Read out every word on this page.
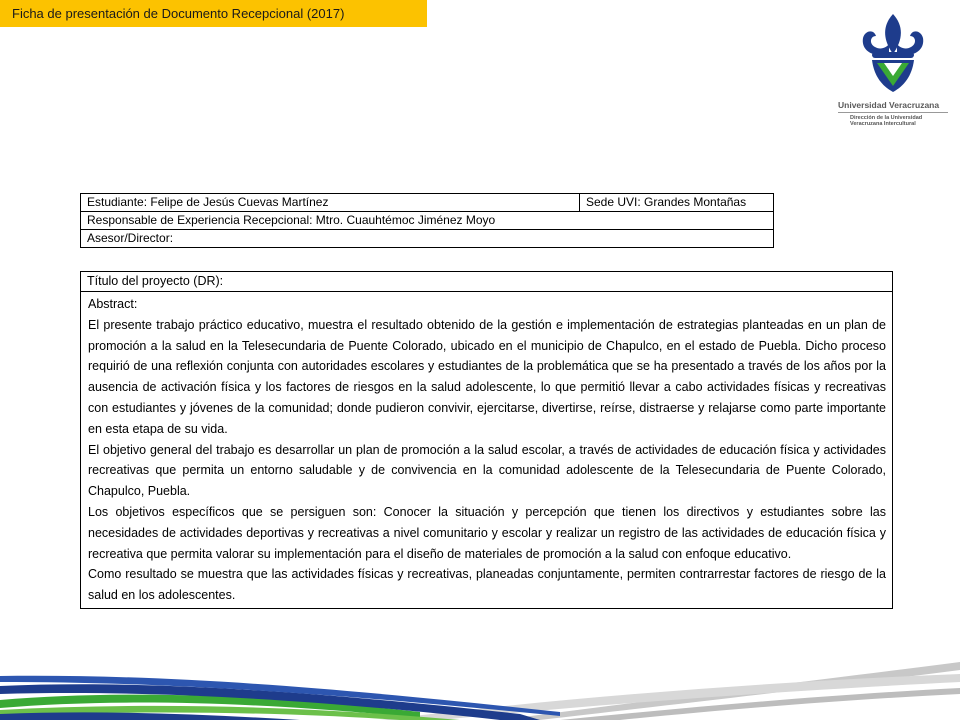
Ficha de presentación de Documento Recepcional (2017)
Universidad Veracruzana
Dirección de la Universidad
Veracruzana Intercultural
Estudiante: Felipe de Jesús Cuevas Martínez	Sede UVI: Grandes Montañas
Responsable de Experiencia Recepcional: Mtro. Cuauhtémoc Jiménez Moyo
Asesor/Director:
Título del proyecto (DR):

Abstract:

El presente trabajo práctico educativo, muestra el resultado obtenido de la gestión e implementación de estrategias planteadas en un plan de promoción a la salud en la Telesecundaria de Puente Colorado, ubicado en el municipio de Chapulco, en el estado de Puebla. Dicho proceso requirió de una reflexión conjunta con autoridades escolares y estudiantes de la problemática que se ha presentado a través de los años por la ausencia de activación física y los factores de riesgos en la salud adolescente, lo que permitió llevar a cabo actividades físicas y recreativas con estudiantes y jóvenes de la comunidad; donde pudieron convivir, ejercitarse, divertirse, reírse, distraerse y relajarse como parte importante en esta etapa de su vida.

El objetivo general del trabajo es desarrollar un plan de promoción a la salud escolar, a través de actividades de educación física y actividades recreativas que permita un entorno saludable y de convivencia en la comunidad adolescente de la Telesecundaria de Puente Colorado, Chapulco, Puebla.

Los objetivos específicos que se persiguen son: Conocer la situación y percepción que tienen los directivos y estudiantes sobre las necesidades de actividades deportivas y recreativas a nivel comunitario y escolar y realizar un registro de las actividades de educación física y recreativa que permita valorar su implementación para el diseño de materiales de promoción a la salud con enfoque educativo.

Como resultado se muestra que las actividades físicas y recreativas, planeadas conjuntamente, permiten contrarrestar factores de riesgo de la salud en los adolescentes.
